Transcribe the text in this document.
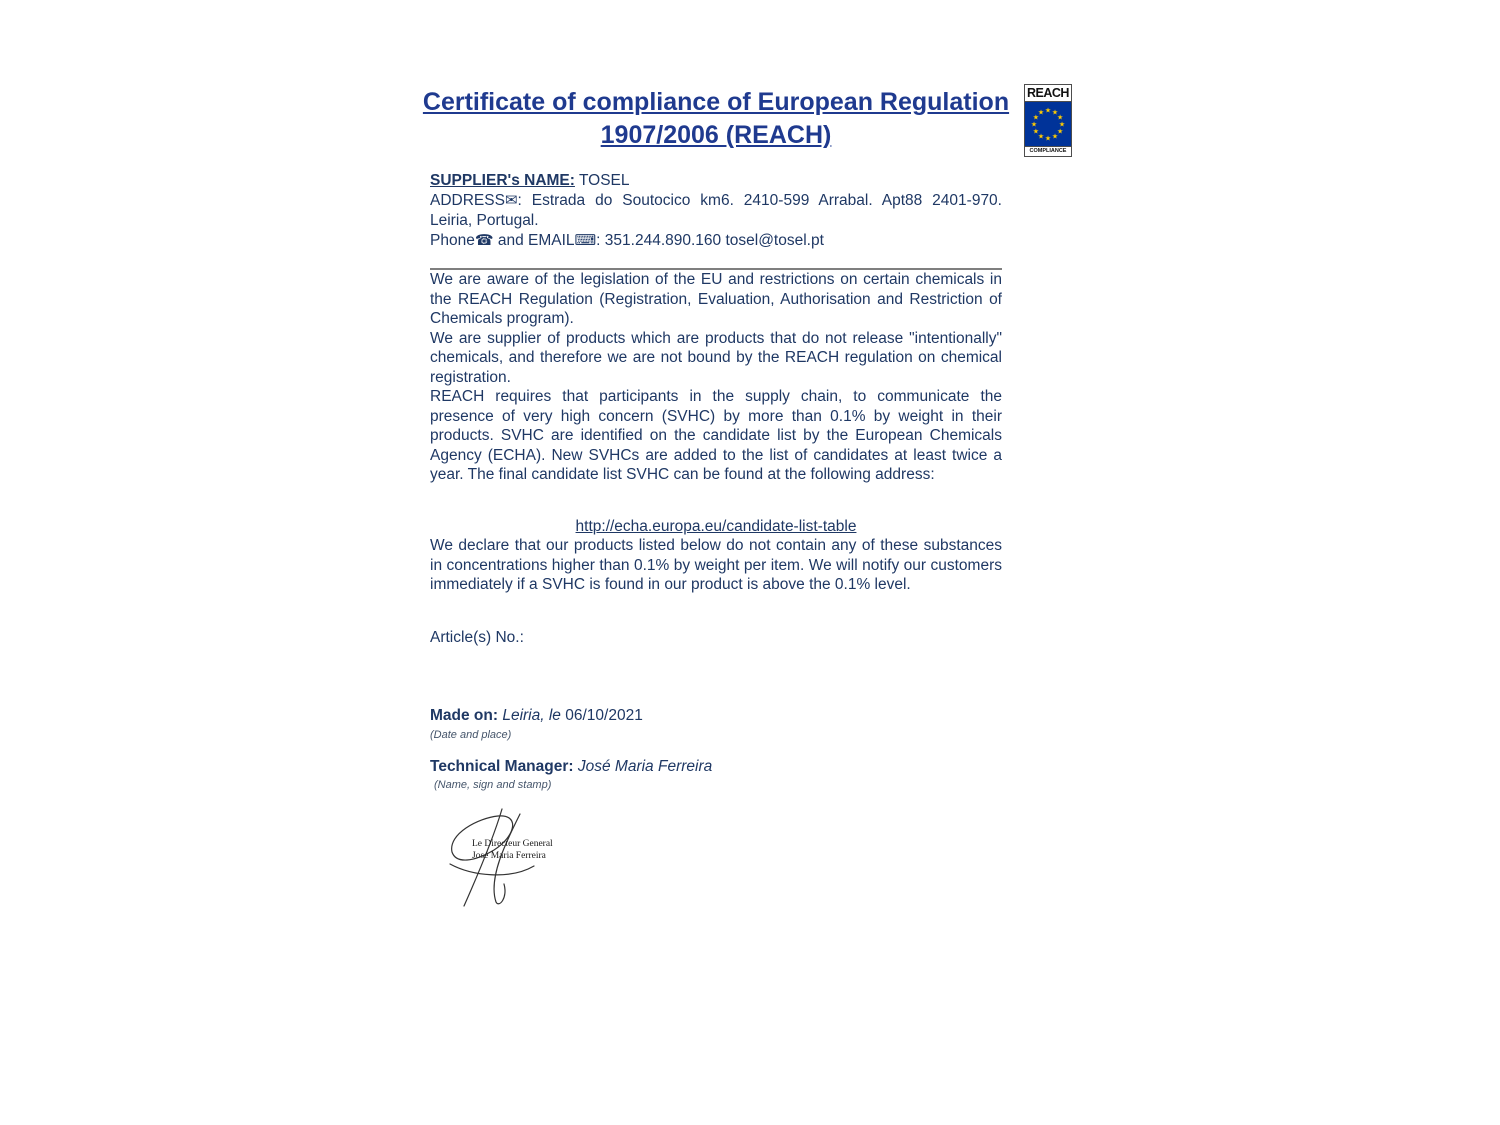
REACH
★ ★
★
★
★
★
★
★
★
★
★
★
COMPLIANCE
Certificate of compliance of European Regulation
1907/2006 (REACH)

SUPPLIER's NAME: TOSEL

ADDRESS✉: Estrada do Soutocico km6. 2410-599 Arrabal. Apt88 2401-970. Leiria, Portugal.

Phone☎ and EMAIL⌨: 351.244.890.160 tosel@tosel.pt

We are aware of the legislation of the EU and restrictions on certain chemicals in the REACH Regulation (Registration, Evaluation, Authorisation and Restriction of Chemicals program).

We are supplier of products which are products that do not release "intentionally" chemicals, and therefore we are not bound by the REACH regulation on chemical registration.

REACH requires that participants in the supply chain, to communicate the presence of very high concern (SVHC) by more than 0.1% by weight in their products. SVHC are identified on the candidate list by the European Chemicals Agency (ECHA). New SVHCs are added to the list of candidates at least twice a year. The final candidate list SVHC can be found at the following address:

http://echa.europa.eu/candidate-list-table

We declare that our products listed below do not contain any of these substances in concentrations higher than 0.1% by weight per item. We will notify our customers immediately if a SVHC is found in our product is above the 0.1% level.

Article(s) No.:

Made on: Leiria, le 06/10/2021

(Date and place)

Technical Manager: José Maria Ferreira

(Name, sign and stamp)

Le Directeur General
José Maria Ferreira
